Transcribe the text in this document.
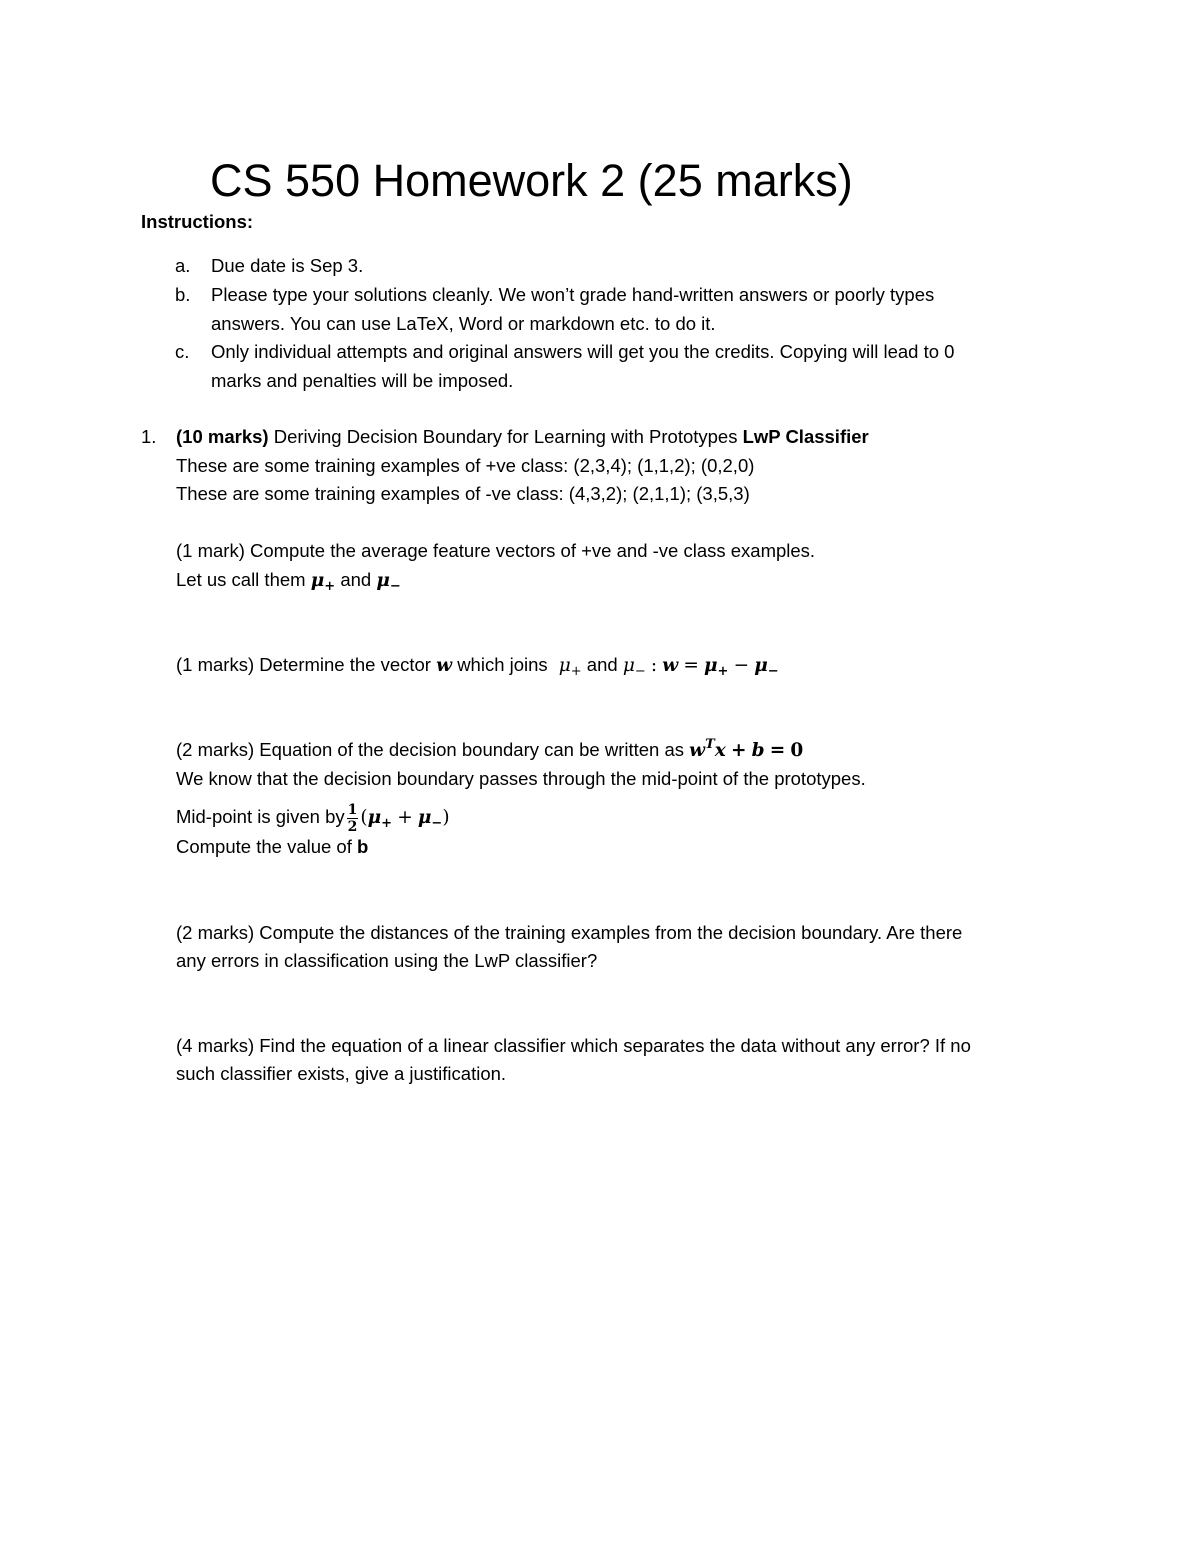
CS 550 Homework 2 (25 marks)
Instructions:
a. Due date is Sep 3.
b. Please type your solutions cleanly. We won’t grade hand-written answers or poorly types
answers. You can use LaTeX, Word or markdown etc. to do it.
c. Only individual attempts and original answers will get you the credits. Copying will lead to 0
marks and penalties will be imposed.
1. (10 marks) Deriving Decision Boundary for Learning with Prototypes LwP Classifier
These are some training examples of +ve class: (2,3,4); (1,1,2); (0,2,0)
These are some training examples of -ve class: (4,3,2); (2,1,1); (3,5,3)
(1 mark) Compute the average feature vectors of +ve and -ve class examples.
Let us call them $\mu_+$ and $\mu_-$
(1 marks) Determine the vector w which joins $\mu_+$ and $\mu_-$ : $w = \mu_+ - \mu_-$
(2 marks) Equation of the decision boundary can be written as $w^Tx + b = 0$
We know that the decision boundary passes through the mid-point of the prototypes.
Mid-point is given by $\frac{1}{2} (\mu_+ + \mu_-)$
Compute the value of b
(2 marks) Compute the distances of the training examples from the decision boundary. Are there
any errors in classification using the LwP classifier?
(4 marks) Find the equation of a linear classifier which separates the data without any error? If no
such classifier exists, give a justification.
